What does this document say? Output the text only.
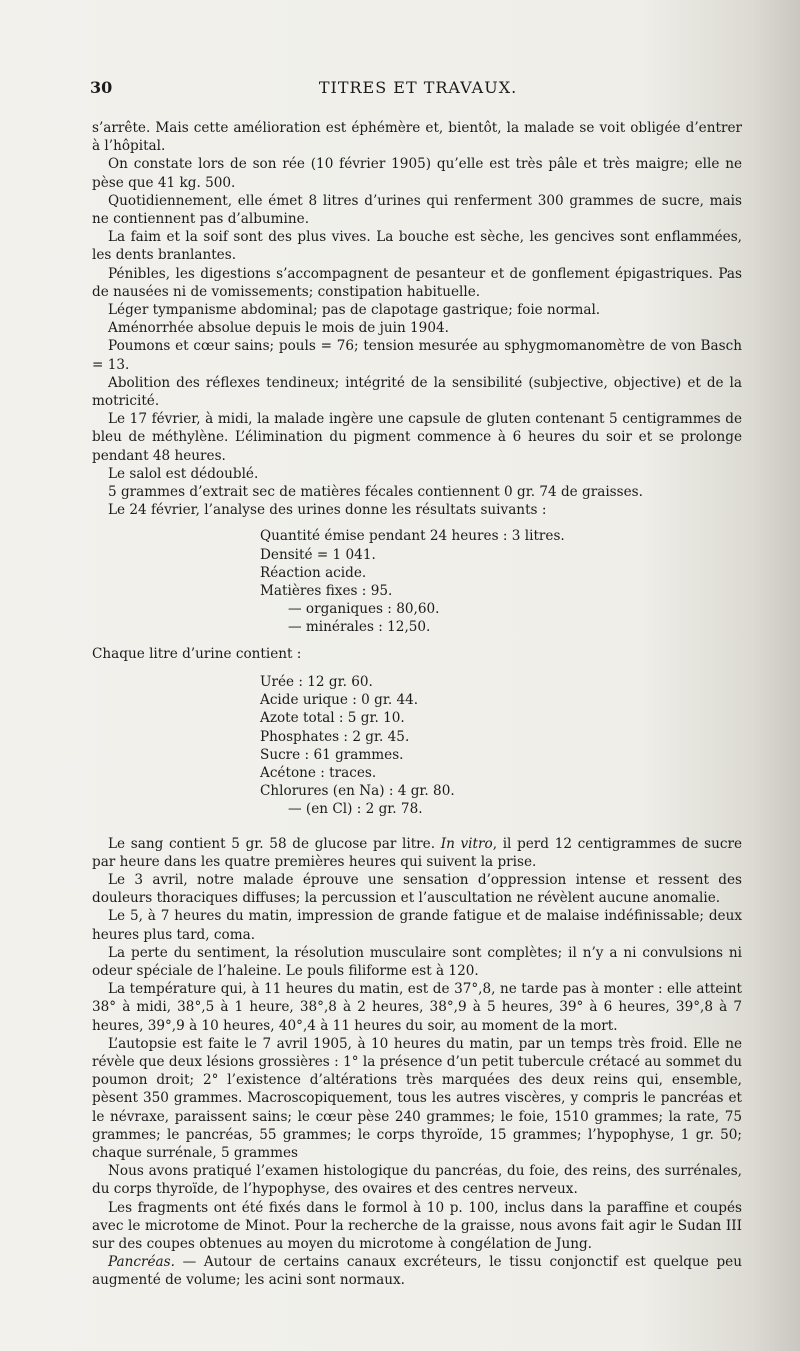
30	TITRES ET TRAVAUX.

s’arrête. Mais cette amélioration est éphémère et, bientôt, la malade se voit obligée d’entrer à l’hôpital.

On constate lors de son rée (10 février 1905) qu’elle est très pâle et très maigre; elle ne pèse que 41 kg. 500.

Quotidiennement, elle émet 8 litres d’urines qui renferment 300 grammes de sucre, mais ne contiennent pas d’albumine.

La faim et la soif sont des plus vives. La bouche est sèche, les gencives sont enflammées, les dents branlantes.

Pénibles, les digestions s’accompagnent de pesanteur et de gonflement épigastriques. Pas de nausées ni de vomissements; constipation habituelle.

Léger tympanisme abdominal; pas de clapotage gastrique; foie normal.

Aménorrhée absolue depuis le mois de juin 1904.

Poumons et cœur sains; pouls = 76; tension mesurée au sphygmomanomètre de von Basch = 13.

Abolition des réflexes tendineux; intégrité de la sensibilité (subjective, objective) et de la motricité.

Le 17 février, à midi, la malade ingère une capsule de gluten contenant 5 centigrammes de bleu de méthylène. L’élimination du pigment commence à 6 heures du soir et se prolonge pendant 48 heures.

Le salol est dédoublé.

5 grammes d’extrait sec de matières fécales contiennent 0 gr. 74 de graisses.

Le 24 février, l’analyse des urines donne les résultats suivants :

Quantité émise pendant 24 heures : 3 litres.
Densité = 1 041.
Réaction acide.
Matières fixes : 95.
— organiques : 80,60.
— minérales : 12,50.

Chaque litre d’urine contient :

Urée : 12 gr. 60.
Acide urique : 0 gr. 44.
Azote total : 5 gr. 10.
Phosphates : 2 gr. 45.
Sucre : 61 grammes.
Acétone : traces.
Chlorures (en Na) : 4 gr. 80.
— (en Cl) : 2 gr. 78.

Le sang contient 5 gr. 58 de glucose par litre. In vitro, il perd 12 centigrammes de sucre par heure dans les quatre premières heures qui suivent la prise.

Le 3 avril, notre malade éprouve une sensation d’oppression intense et ressent des douleurs thoraciques diffuses; la percussion et l’auscultation ne révèlent aucune anomalie.

Le 5, à 7 heures du matin, impression de grande fatigue et de malaise indéfinissable; deux heures plus tard, coma.

La perte du sentiment, la résolution musculaire sont complètes; il n’y a ni convulsions ni odeur spéciale de l’haleine. Le pouls filiforme est à 120.

La température qui, à 11 heures du matin, est de 37°,8, ne tarde pas à monter : elle atteint 38° à midi, 38°,5 à 1 heure, 38°,8 à 2 heures, 38°,9 à 5 heures, 39° à 6 heures, 39°,8 à 7 heures, 39°,9 à 10 heures, 40°,4 à 11 heures du soir, au moment de la mort.

L’autopsie est faite le 7 avril 1905, à 10 heures du matin, par un temps très froid. Elle ne révèle que deux lésions grossières : 1° la présence d’un petit tubercule crétacé au sommet du poumon droit; 2° l’existence d’altérations très marquées des deux reins qui, ensemble, pèsent 350 grammes. Macroscopiquement, tous les autres viscères, y compris le pancréas et le névraxe, paraissent sains; le cœur pèse 240 grammes; le foie, 1510 grammes; la rate, 75 grammes; le pancréas, 55 grammes; le corps thyroïde, 15 grammes; l’hypophyse, 1 gr. 50; chaque surrénale, 5 grammes

Nous avons pratiqué l’examen histologique du pancréas, du foie, des reins, des surrénales, du corps thyroïde, de l’hypophyse, des ovaires et des centres nerveux.

Les fragments ont été fixés dans le formol à 10 p. 100, inclus dans la paraffine et coupés avec le microtome de Minot. Pour la recherche de la graisse, nous avons fait agir le Sudan III sur des coupes obtenues au moyen du microtome à congélation de Jung.

Pancréas. — Autour de certains canaux excréteurs, le tissu conjonctif est quelque peu augmenté de volume; les acini sont normaux.
